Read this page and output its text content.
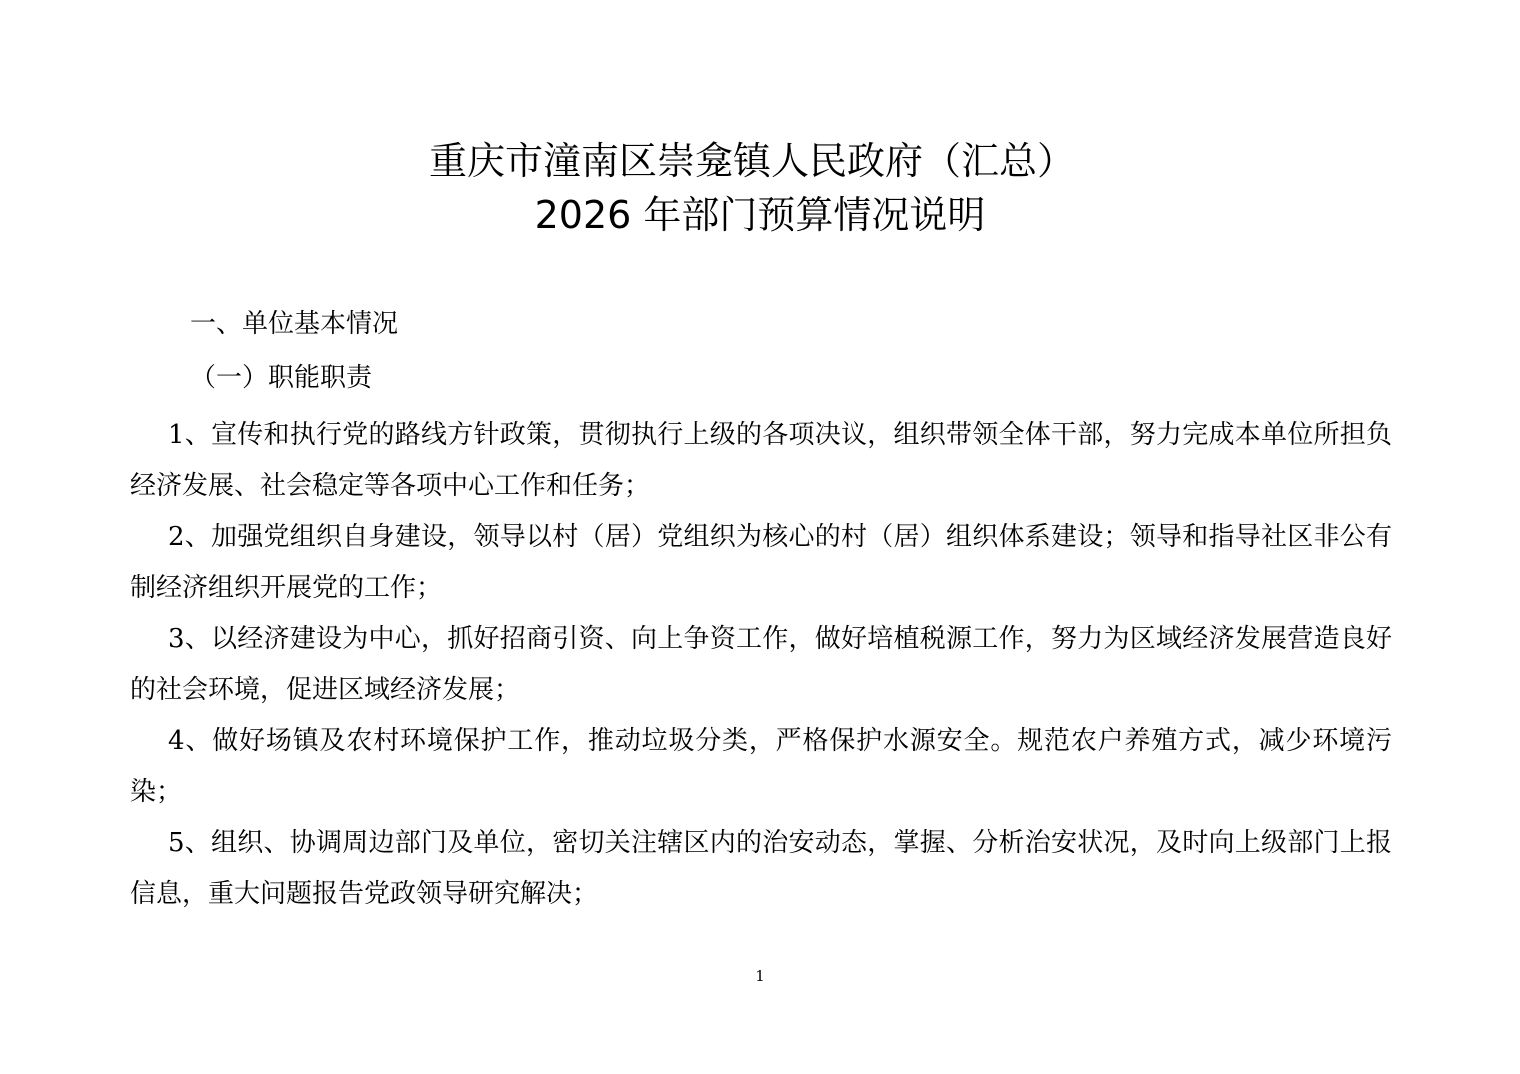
重庆市潼南区崇龛镇人民政府（汇总）
2026 年部门预算情况说明
一、单位基本情况
（一）职能职责

1、宣传和执行党的路线方针政策，贯彻执行上级的各项决议，组织带领全体干部，努力完成本单位所担负经济发展、社会稳定等各项中心工作和任务；

2、加强党组织自身建设，领导以村（居）党组织为核心的村（居）组织体系建设；领导和指导社区非公有制经济组织开展党的工作；

3、以经济建设为中心，抓好招商引资、向上争资工作，做好培植税源工作，努力为区域经济发展营造良好的社会环境，促进区域经济发展；

4、做好场镇及农村环境保护工作，推动垃圾分类，严格保护水源安全。规范农户养殖方式，减少环境污染；

5、组织、协调周边部门及单位，密切关注辖区内的治安动态，掌握、分析治安状况，及时向上级部门上报信息，重大问题报告党政领导研究解决；

1
